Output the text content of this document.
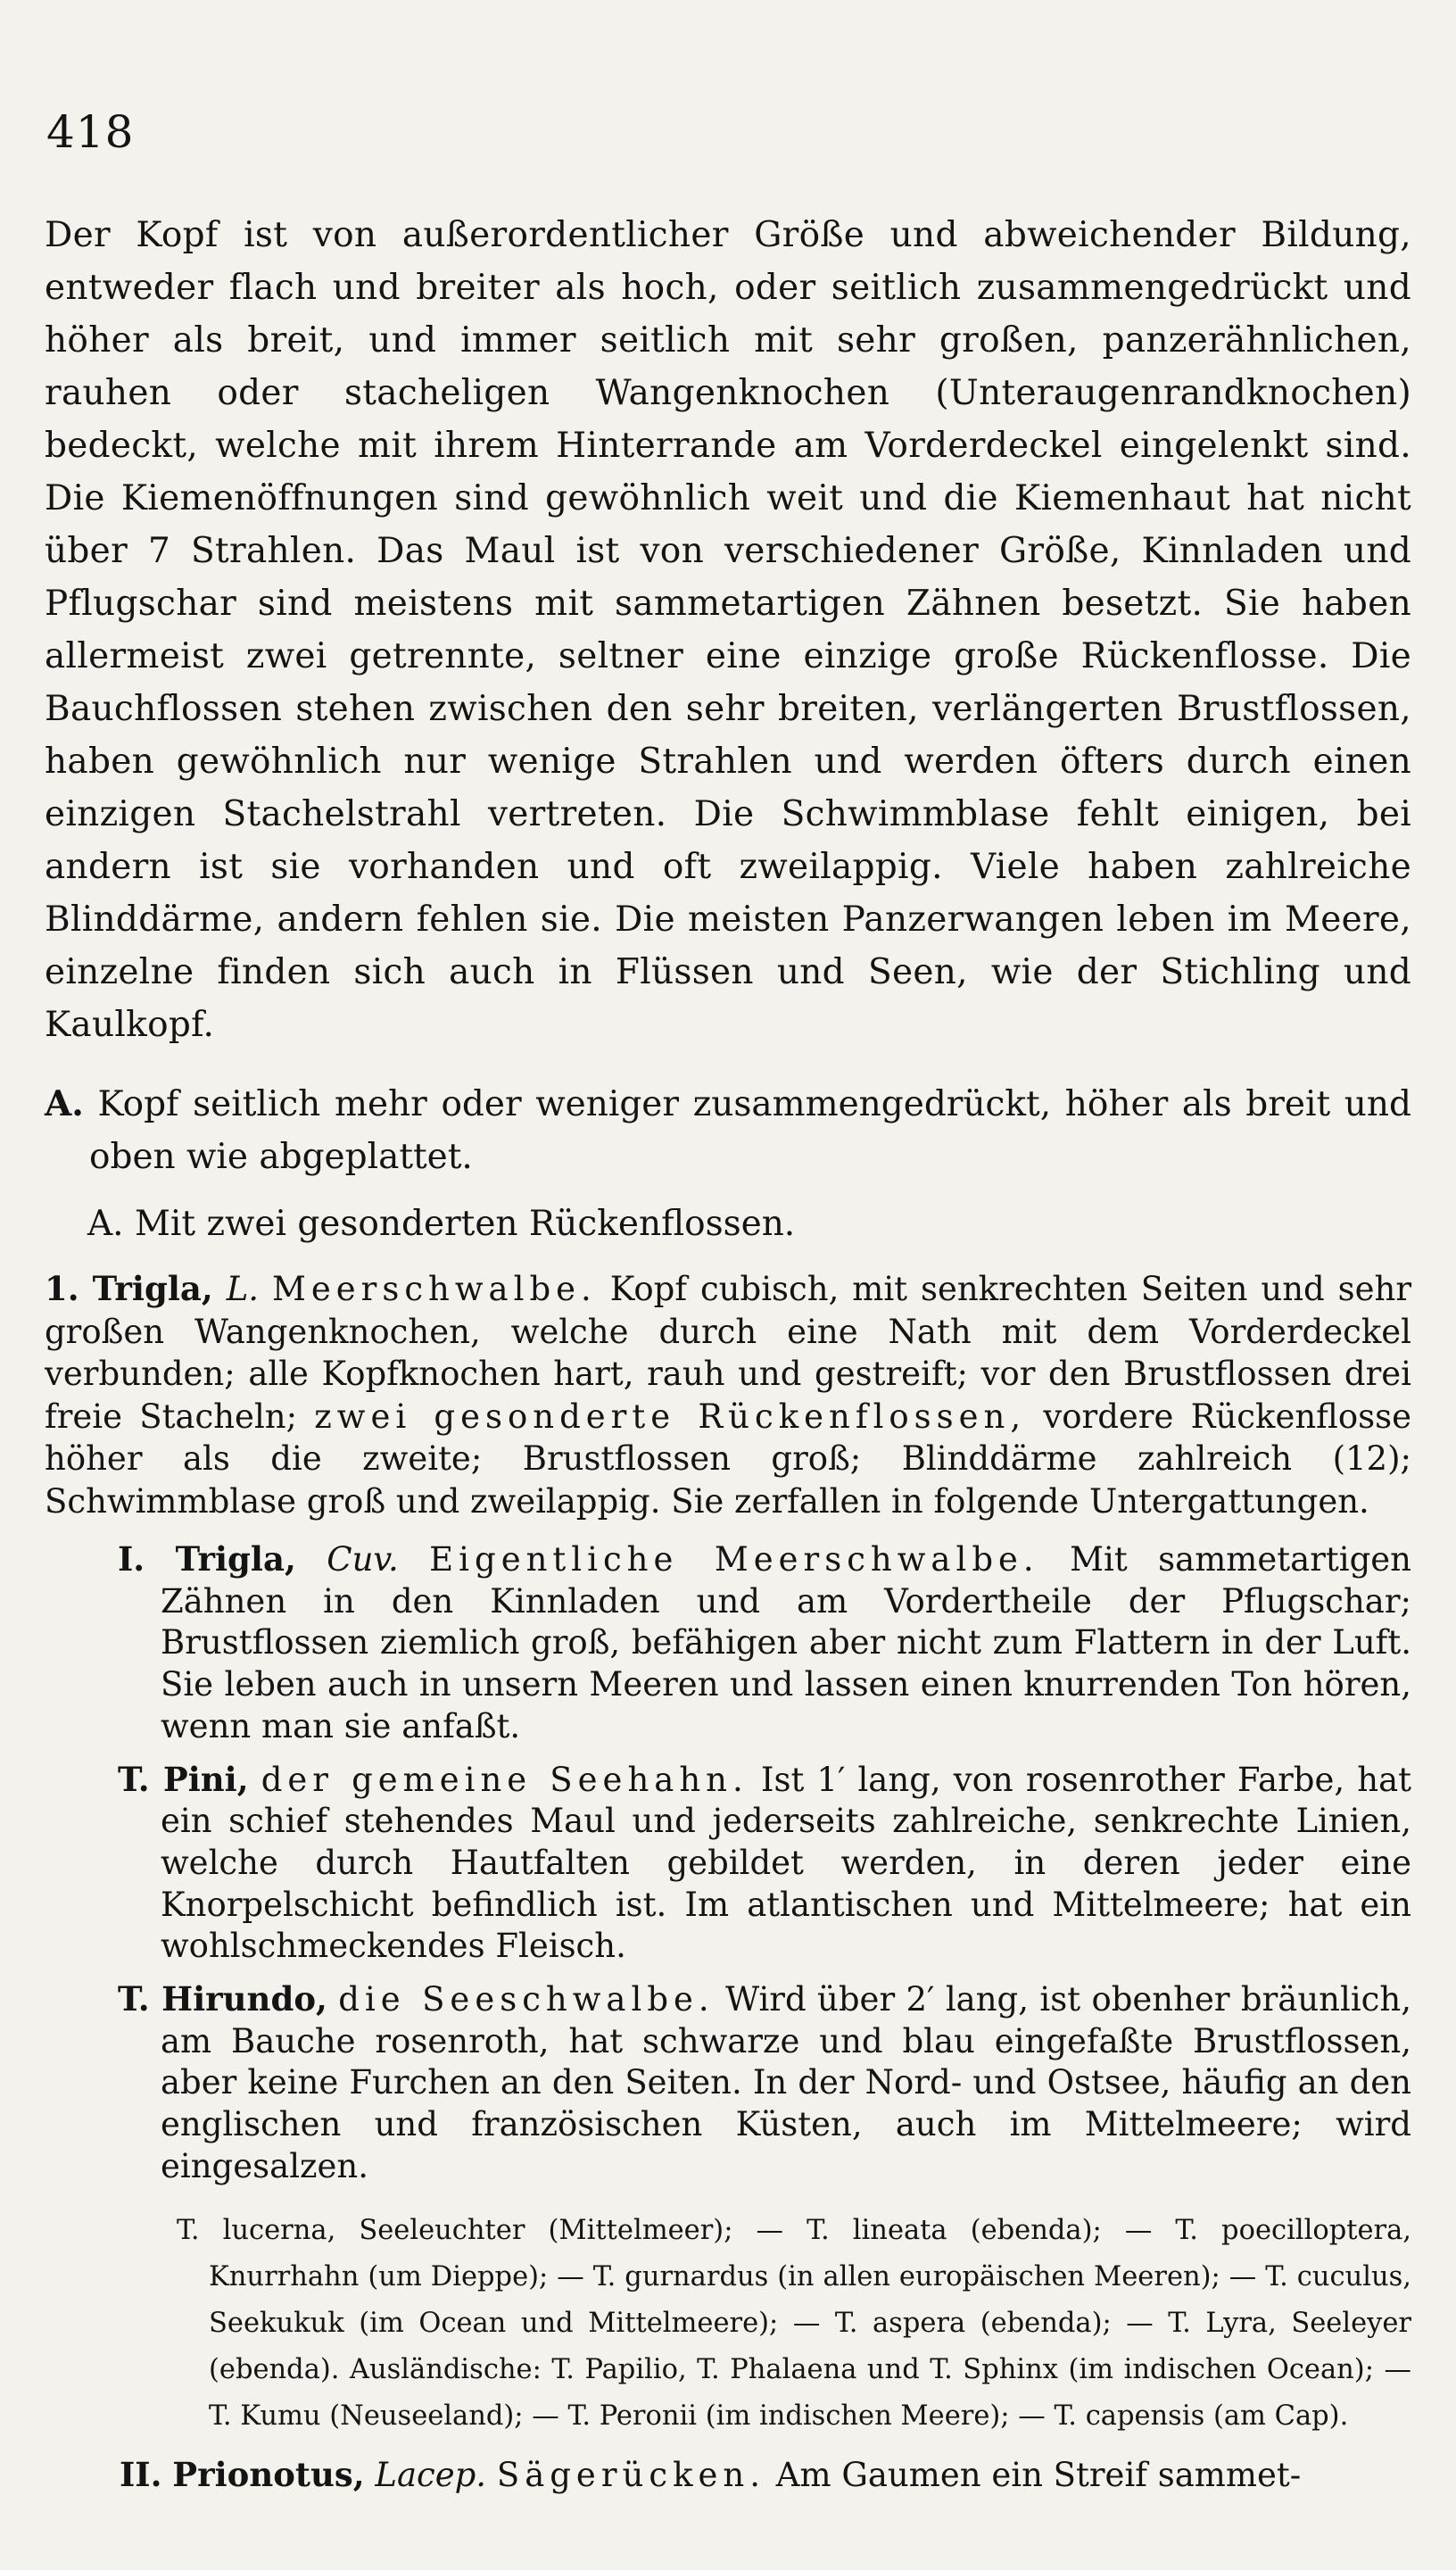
418

Der Kopf ist von außerordentlicher Größe und abweichender Bildung, entweder flach und breiter als hoch, oder seitlich zusammengedrückt und höher als breit, und immer seitlich mit sehr großen, panzerähnlichen, rauhen oder stacheligen Wangenknochen (Unteraugenrandknochen) bedeckt, welche mit ihrem Hinterrande am Vorderdeckel eingelenkt sind. Die Kiemenöffnungen sind gewöhnlich weit und die Kiemenhaut hat nicht über 7 Strahlen. Das Maul ist von verschiedener Größe, Kinnladen und Pflugschar sind meistens mit sammetartigen Zähnen besetzt. Sie haben allermeist zwei getrennte, seltner eine einzige große Rückenflosse. Die Bauchflossen stehen zwischen den sehr breiten, verlängerten Brustflossen, haben gewöhnlich nur wenige Strahlen und werden öfters durch einen einzigen Stachelstrahl vertreten. Die Schwimmblase fehlt einigen, bei andern ist sie vorhanden und oft zweilappig. Viele haben zahlreiche Blinddärme, andern fehlen sie. Die meisten Panzerwangen leben im Meere, einzelne finden sich auch in Flüssen und Seen, wie der Stichling und Kaulkopf.

A. Kopf seitlich mehr oder weniger zusammengedrückt, höher als breit und oben wie abgeplattet.

A. Mit zwei gesonderten Rückenflossen.

1. Trigla, L. Meerschwalbe. Kopf cubisch, mit senkrechten Seiten und sehr großen Wangenknochen, welche durch eine Nath mit dem Vorderdeckel verbunden; alle Kopfknochen hart, rauh und gestreift; vor den Brustflossen drei freie Stacheln; zwei gesonderte Rückenflossen, vordere Rückenflosse höher als die zweite; Brustflossen groß; Blinddärme zahlreich (12); Schwimmblase groß und zweilappig. Sie zerfallen in folgende Untergattungen.

I. Trigla, Cuv. Eigentliche Meerschwalbe. Mit sammetartigen Zähnen in den Kinnladen und am Vordertheile der Pflugschar; Brustflossen ziemlich groß, befähigen aber nicht zum Flattern in der Luft. Sie leben auch in unsern Meeren und lassen einen knurrenden Ton hören, wenn man sie anfaßt.

T. Pini, der gemeine Seehahn. Ist 1′ lang, von rosenrother Farbe, hat ein schief stehendes Maul und jederseits zahlreiche, senkrechte Linien, welche durch Hautfalten gebildet werden, in deren jeder eine Knorpelschicht befindlich ist. Im atlantischen und Mittelmeere; hat ein wohlschmeckendes Fleisch.

T. Hirundo, die Seeschwalbe. Wird über 2′ lang, ist obenher bräunlich, am Bauche rosenroth, hat schwarze und blau eingefaßte Brustflossen, aber keine Furchen an den Seiten. In der Nord- und Ostsee, häufig an den englischen und französischen Küsten, auch im Mittelmeere; wird eingesalzen.

T. lucerna, Seeleuchter (Mittelmeer); — T. lineata (ebenda); — T. poecilloptera, Knurrhahn (um Dieppe); — T. gurnardus (in allen europäischen Meeren); — T. cuculus, Seekukuk (im Ocean und Mittelmeere); — T. aspera (ebenda); — T. Lyra, Seeleyer (ebenda). Ausländische: T. Papilio, T. Phalaena und T. Sphinx (im indischen Ocean); — T. Kumu (Neuseeland); — T. Peronii (im indischen Meere); — T. capensis (am Cap).

II. Prionotus, Lacep. Sägerücken. Am Gaumen ein Streif sammet-
